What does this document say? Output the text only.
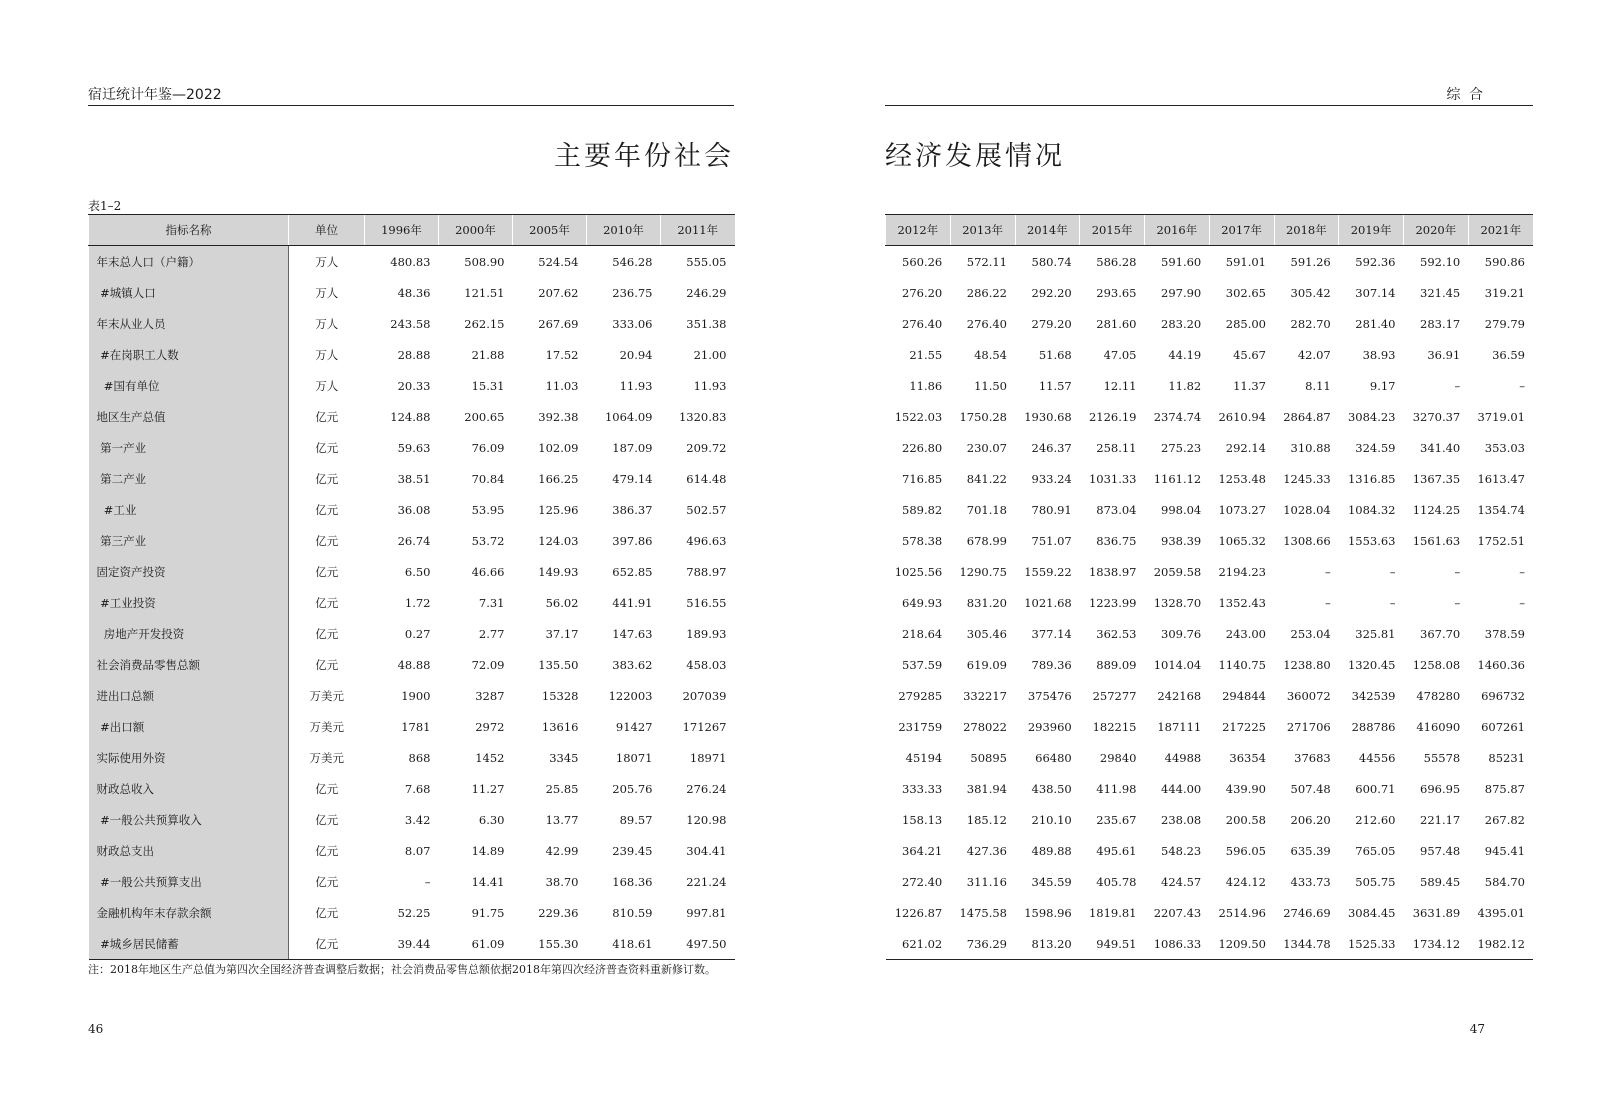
宿迁统计年鉴—2022	综 合
主要年份社会	经济发展情况
表1–2
指标名称	单位	1996年	2000年	2005年	2010年	2011年
年末总人口（户籍）	万人	480.83	508.90	524.54	546.28	555.05
#城镇人口	万人	48.36	121.51	207.62	236.75	246.29
年末从业人员	万人	243.58	262.15	267.69	333.06	351.38
#在岗职工人数	万人	28.88	21.88	17.52	20.94	21.00
#国有单位	万人	20.33	15.31	11.03	11.93	11.93
地区生产总值	亿元	124.88	200.65	392.38	1064.09	1320.83
第一产业	亿元	59.63	76.09	102.09	187.09	209.72
第二产业	亿元	38.51	70.84	166.25	479.14	614.48
#工业	亿元	36.08	53.95	125.96	386.37	502.57
第三产业	亿元	26.74	53.72	124.03	397.86	496.63
固定资产投资	亿元	6.50	46.66	149.93	652.85	788.97
#工业投资	亿元	1.72	7.31	56.02	441.91	516.55
房地产开发投资	亿元	0.27	2.77	37.17	147.63	189.93
社会消费品零售总额	亿元	48.88	72.09	135.50	383.62	458.03
进出口总额	万美元	1900	3287	15328	122003	207039
#出口额	万美元	1781	2972	13616	91427	171267
实际使用外资	万美元	868	1452	3345	18071	18971
财政总收入	亿元	7.68	11.27	25.85	205.76	276.24
#一般公共预算收入	亿元	3.42	6.30	13.77	89.57	120.98
财政总支出	亿元	8.07	14.89	42.99	239.45	304.41
#一般公共预算支出	亿元	–	14.41	38.70	168.36	221.24
金融机构年末存款余额	亿元	52.25	91.75	229.36	810.59	997.81
#城乡居民储蓄	亿元	39.44	61.09	155.30	418.61	497.50
2012年	2013年	2014年	2015年	2016年	2017年	2018年	2019年	2020年	2021年
560.26	572.11	580.74	586.28	591.60	591.01	591.26	592.36	592.10	590.86
276.20	286.22	292.20	293.65	297.90	302.65	305.42	307.14	321.45	319.21
276.40	276.40	279.20	281.60	283.20	285.00	282.70	281.40	283.17	279.79
21.55	48.54	51.68	47.05	44.19	45.67	42.07	38.93	36.91	36.59
11.86	11.50	11.57	12.11	11.82	11.37	8.11	9.17	–	–
1522.03	1750.28	1930.68	2126.19	2374.74	2610.94	2864.87	3084.23	3270.37	3719.01
226.80	230.07	246.37	258.11	275.23	292.14	310.88	324.59	341.40	353.03
716.85	841.22	933.24	1031.33	1161.12	1253.48	1245.33	1316.85	1367.35	1613.47
589.82	701.18	780.91	873.04	998.04	1073.27	1028.04	1084.32	1124.25	1354.74
578.38	678.99	751.07	836.75	938.39	1065.32	1308.66	1553.63	1561.63	1752.51
1025.56	1290.75	1559.22	1838.97	2059.58	2194.23	–	–	–	–
649.93	831.20	1021.68	1223.99	1328.70	1352.43	–	–	–	–
218.64	305.46	377.14	362.53	309.76	243.00	253.04	325.81	367.70	378.59
537.59	619.09	789.36	889.09	1014.04	1140.75	1238.80	1320.45	1258.08	1460.36
279285	332217	375476	257277	242168	294844	360072	342539	478280	696732
231759	278022	293960	182215	187111	217225	271706	288786	416090	607261
45194	50895	66480	29840	44988	36354	37683	44556	55578	85231
333.33	381.94	438.50	411.98	444.00	439.90	507.48	600.71	696.95	875.87
158.13	185.12	210.10	235.67	238.08	200.58	206.20	212.60	221.17	267.82
364.21	427.36	489.88	495.61	548.23	596.05	635.39	765.05	957.48	945.41
272.40	311.16	345.59	405.78	424.57	424.12	433.73	505.75	589.45	584.70
1226.87	1475.58	1598.96	1819.81	2207.43	2514.96	2746.69	3084.45	3631.89	4395.01
621.02	736.29	813.20	949.51	1086.33	1209.50	1344.78	1525.33	1734.12	1982.12
注：2018年地区生产总值为第四次全国经济普查调整后数据；社会消费品零售总额依据2018年第四次经济普查资料重新修订数。
46	47
